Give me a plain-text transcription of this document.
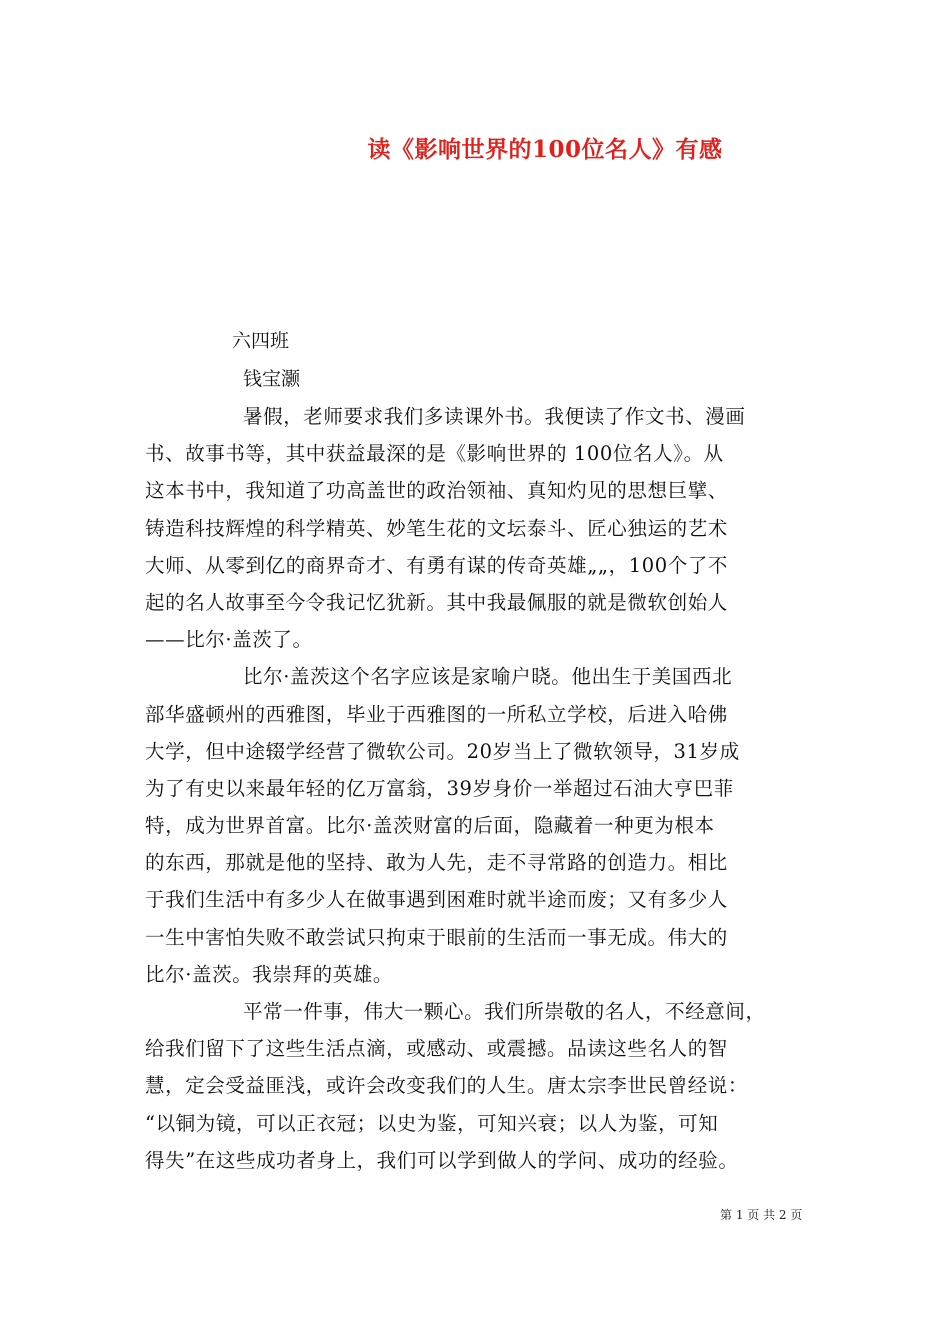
读《影响世界的100位名人》有感
六四班
钱宝灏
暑假，老师要求我们多读课外书。我便读了作文书、漫画
书、故事书等，其中获益最深的是《影响世界的 100位名人》。从
这本书中，我知道了功高盖世的政治领袖、真知灼见的思想巨擘、
铸造科技辉煌的科学精英、妙笔生花的文坛泰斗、匠心独运的艺术
大师、从零到亿的商界奇才、有勇有谋的传奇英雄„„，100个了不
起的名人故事至今令我记忆犹新。其中我最佩服的就是微软创始人
——比尔·盖茨了。
比尔·盖茨这个名字应该是家喻户晓。他出生于美国西北
部华盛顿州的西雅图，毕业于西雅图的一所私立学校，后进入哈佛
大学，但中途辍学经营了微软公司。20岁当上了微软领导，31岁成
为了有史以来最年轻的亿万富翁，39岁身价一举超过石油大亨巴菲
特，成为世界首富。比尔·盖茨财富的后面，隐藏着一种更为根本
的东西，那就是他的坚持、敢为人先，走不寻常路的创造力。相比
于我们生活中有多少人在做事遇到困难时就半途而废；又有多少人
一生中害怕失败不敢尝试只拘束于眼前的生活而一事无成。伟大的
比尔·盖茨。我崇拜的英雄。
平常一件事，伟大一颗心。我们所崇敬的名人，不经意间，
给我们留下了这些生活点滴，或感动、或震撼。品读这些名人的智
慧，定会受益匪浅，或许会改变我们的人生。唐太宗李世民曾经说：
“以铜为镜，可以正衣冠；以史为鉴，可知兴衰；以人为鉴，可知
得失”在这些成功者身上，我们可以学到做人的学问、成功的经验。
第 1 页 共 2 页
